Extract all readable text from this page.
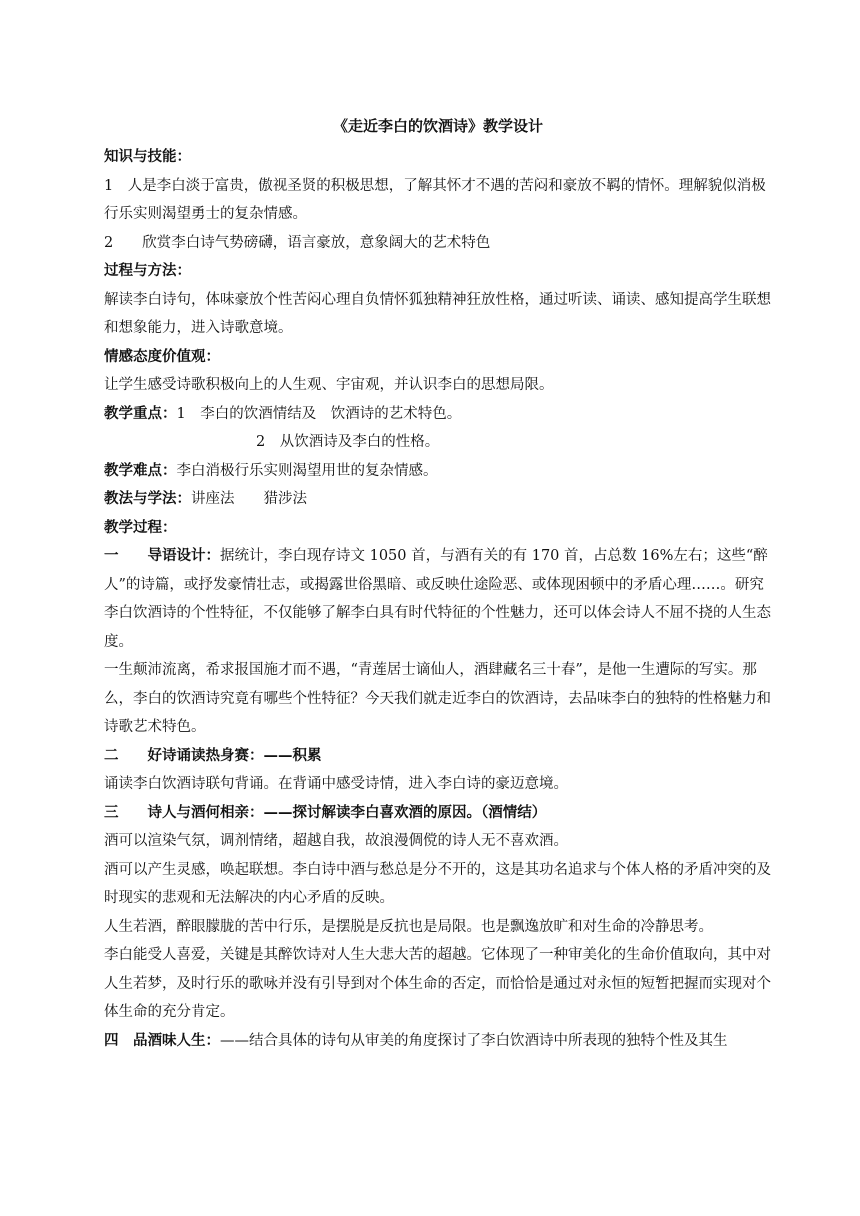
《走近李白的饮酒诗》教学设计
知识与技能：
1　人是李白淡于富贵，傲视圣贤的积极思想，了解其怀才不遇的苦闷和豪放不羁的情怀。理解貌似消极行乐实则渴望勇士的复杂情感。
2　　欣赏李白诗气势磅礴，语言豪放，意象阔大的艺术特色
过程与方法：
解读李白诗句，体味豪放个性苦闷心理自负情怀狐独精神狂放性格，通过听读、诵读、感知提高学生联想和想象能力，进入诗歌意境。
情感态度价值观：
让学生感受诗歌积极向上的人生观、宇宙观，并认识李白的思想局限。
教学重点：1　李白的饮酒情结及　饮酒诗的艺术特色。
2　从饮酒诗及李白的性格。
教学难点：李白消极行乐实则渴望用世的复杂情感。
教法与学法：讲座法　　猎涉法
教学过程：
一　　导语设计：据统计，李白现存诗文 1050 首，与酒有关的有 170 首，占总数 16%左右；这些“醉人”的诗篇，或抒发豪情壮志，或揭露世俗黑暗、或反映仕途险恶、或体现困顿中的矛盾心理……。研究李白饮酒诗的个性特征，不仅能够了解李白具有时代特征的个性魅力，还可以体会诗人不屈不挠的人生态度。
一生颠沛流离，希求报国施才而不遇，“青莲居士谪仙人，酒肆藏名三十春”，是他一生遭际的写实。那么，李白的饮酒诗究竟有哪些个性特征？今天我们就走近李白的饮酒诗，去品味李白的独特的性格魅力和诗歌艺术特色。
二　　好诗诵读热身赛：——积累
诵读李白饮酒诗联句背诵。在背诵中感受诗情，进入李白诗的豪迈意境。
三　　诗人与酒何相亲：——探讨解读李白喜欢酒的原因。（酒情结）
酒可以渲染气氛，调剂情绪，超越自我，故浪漫倜傥的诗人无不喜欢酒。
酒可以产生灵感，唤起联想。李白诗中酒与愁总是分不开的，这是其功名追求与个体人格的矛盾冲突的及时现实的悲观和无法解决的内心矛盾的反映。
人生若酒，醉眼朦胧的苦中行乐，是摆脱是反抗也是局限。也是飘逸放旷和对生命的冷静思考。
李白能受人喜爱，关键是其醉饮诗对人生大悲大苦的超越。它体现了一种审美化的生命价值取向，其中对人生若梦，及时行乐的歌咏并没有引导到对个体生命的否定，而恰恰是通过对永恒的短暂把握而实现对个体生命的充分肯定。
四　品酒味人生：——结合具体的诗句从审美的角度探讨了李白饮酒诗中所表现的独特个性及其生
